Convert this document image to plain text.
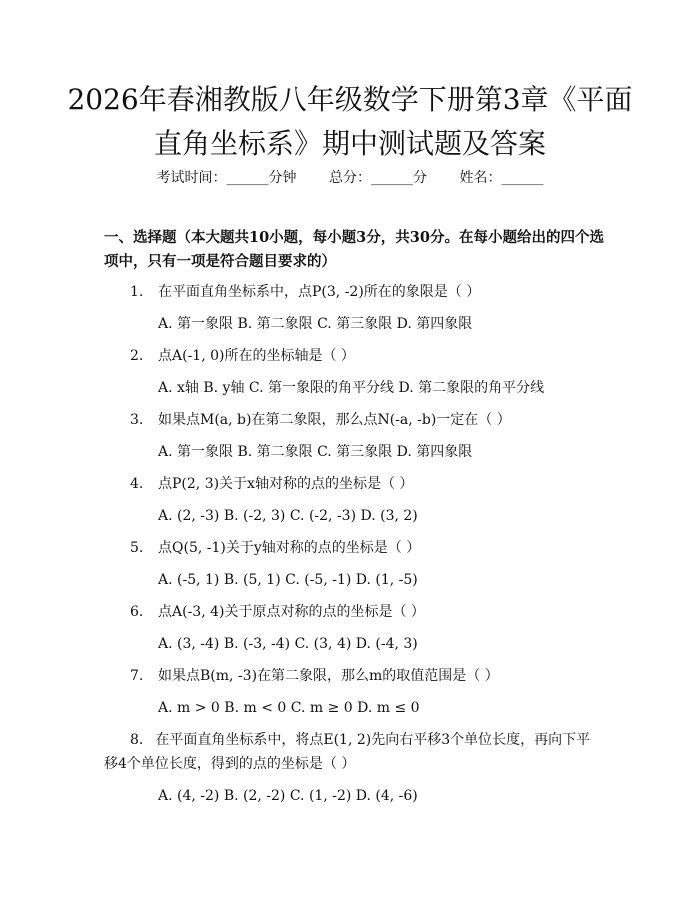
2026年春湘教版八年级数学下册第3章《平面直角坐标系》期中测试题及答案
考试时间：______分钟 总分：______分 姓名：______
一、选择题（本大题共10小题，每小题3分，共30分。在每小题给出的四个选项中，只有一项是符合题目要求的）
1. 在平面直角坐标系中，点P(3, -2)所在的象限是（ ）
A. 第一象限 B. 第二象限 C. 第三象限 D. 第四象限
2. 点A(-1, 0)所在的坐标轴是（ ）
A. x轴 B. y轴 C. 第一象限的角平分线 D. 第二象限的角平分线
3. 如果点M(a, b)在第二象限，那么点N(-a, -b)一定在（ ）
A. 第一象限 B. 第二象限 C. 第三象限 D. 第四象限
4. 点P(2, 3)关于x轴对称的点的坐标是（ ）
A. (2, -3) B. (-2, 3) C. (-2, -3) D. (3, 2)
5. 点Q(5, -1)关于y轴对称的点的坐标是（ ）
A. (-5, 1) B. (5, 1) C. (-5, -1) D. (1, -5)
6. 点A(-3, 4)关于原点对称的点的坐标是（ ）
A. (3, -4) B. (-3, -4) C. (3, 4) D. (-4, 3)
7. 如果点B(m, -3)在第二象限，那么m的取值范围是（ ）
A. m > 0 B. m < 0 C. m ≥ 0 D. m ≤ 0
8. 在平面直角坐标系中，将点E(1, 2)先向右平移3个单位长度，再向下平移4个单位长度，得到的点的坐标是（ ）
A. (4, -2) B. (2, -2) C. (1, -2) D. (4, -6)
